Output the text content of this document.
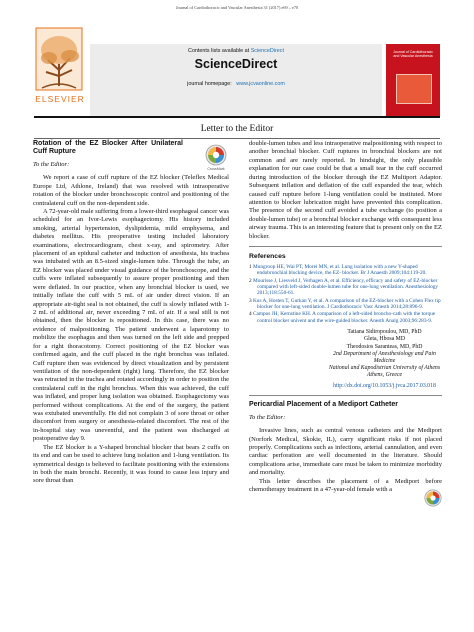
Journal of Cardiothoracic and Vascular Anesthesia 31 (2017) e69 – e70
ELSEVIER
Contents lists available at ScienceDirect
ScienceDirect
journal homepage: www.jcvaonline.com
Journal of Cardiothoracic and Vascular Anesthesia
Letter to the Editor
Rotation of the EZ Blocker After Unilateral Cuff Rupture
To the Editor:

We report a case of cuff rupture of the EZ blocker (Teleflex Medical Europe Ltd, Athlone, Ireland) that was resolved with intraoperative rotation of the blocker under bronchoscopic control and positioning of the contralateral cuff on the non-dependent side.

A 72-year-old male suffering from a lower-third esophageal cancer was scheduled for an Ivor-Lewis esophagectomy. His history included smoking, arterial hypertension, dyslipidemia, mild emphysema, and diabetes mellitus. His preoperative testing included laboratory examinations, electrocardiogram, chest x-ray, and spirometry. After placement of an epidural catheter and induction of anesthesia, his trachea was intubated with an 8.5-sized single-lumen tube. Through the tube, an EZ blocker was placed under visual guidance of the bronchoscope, and the cuffs were inflated subsequently to assure proper positioning and then were deflated. In our practice, when any bronchial blocker is used, we initially inflate the cuff with 5 mL of air under direct vision. If an appropriate air-tight seal is not obtained, the cuff is slowly inflated with 1-2 mL of additional air, never exceeding 7 mL of air. If a seal still is not obtained, then the blocker is repositioned. In this case, there was no evidence of malpositioning. The patient underwent a laparotomy to mobilize the esophagus and then was turned on the left side and prepped for a right thoracotomy. Correct positioning of the EZ blocker was confirmed again, and the cuff placed in the right bronchus was inflated. Cuff rupture then was evidenced by direct visualization and by persistent ventilation of the non-dependent (right) lung. Therefore, the EZ blocker was retracted in the trachea and rotated accordingly in order to position the contralateral cuff in the right bronchus. When this was achieved, the cuff was inflated, and proper lung isolation was obtained. Esophagectomy was performed without complications. At the end of the surgery, the patient was extubated uneventfully. He did not complain 3 of sore throat or other discomfort from surgery or anesthesia-related discomfort. The rest of the in-hospital stay was uneventful, and the patient was discharged at postoperative day 9.

The EZ blocker is a Y-shaped bronchial blocker that bears 2 cuffs on its end and can be used to achieve lung isolation and 1-lung ventilation. Its symmetrical design is believed to facilitate positioning with the extensions in both the main bronchi. Recently, it was found to cause less injury and sore throat than

CrossMark

double-lumen tubes and less intraoperative malpositioning with respect to another bronchial blocker. Cuff ruptures in bronchial blockers are not common and are rarely reported. In hindsight, the only plausible explanation for our case could be that a small tear in the cuff occurred during introduction of the blocker through the EZ Multiport Adaptor. Subsequent inflation and deflation of the cuff expanded the tear, which caused cuff rupture before 1-lung ventilation could be instituted. More attention to blocker lubrication might have prevented this complication. The presence of the second cuff avoided a tube exchange (to position a double-lumen tube) or a bronchial blocker exchange with consequent less airway trauma. This is an interesting feature that is present only on the EZ blocker.

References
1 Mungroop HE, Wai PT, Morei MN, et al. Lung isolation with a new Y-shaped endobronchial blocking device, the EZ- blocker. Br J Anaesth 2009;104:119-20.
2 Mourisse J, Liesveld J, Verhagen A, et al. Efficiency, efficacy and safety of EZ-blocker compared with left-sided double-lumen tube for one-lung ventilation. Anesthesiology 2013;118:550-61.
3 Kus A, Hosten T, Gurkan Y, et al. A comparison of the EZ-blocker with a Cohen Flex tip blocker for one-lung ventilation. J Cardiothoracic Vasc Anesth 2014;28:896-9.
4 Campos JH, Kernstine KH. A comparison of a left-sided broncho-cath with the torque control blocker univent and the wire-guided blocker. Anesth Analg 2003;96:283-9.
Tatiana Sidiropoulou, MD, PhD
Gleta, Hbosa MD
Theodosios Saranteas, MD, PhD
2nd Department of Anesthesiology and Pain Medicine
National and Kapodistrian University of Athens
Athens, Greece
http://dx.doi.org/10.1053/j.jvca.2017.03.018
Pericardial Placement of a Mediport Catheter
To the Editor:

Invasive lines, such as central venous catheters and the Mediport (Norfork Medical, Skokie, IL), carry significant risks if not placed properly. Complications such as infections, arterial cannulation, and even cardiac perforation are well documented in the literature. Should complications arise, immediate care must be taken to minimize morbidity and mortality.

This letter describes the placement of a Mediport before chemotherapy treatment in a 47-year-old female with a
